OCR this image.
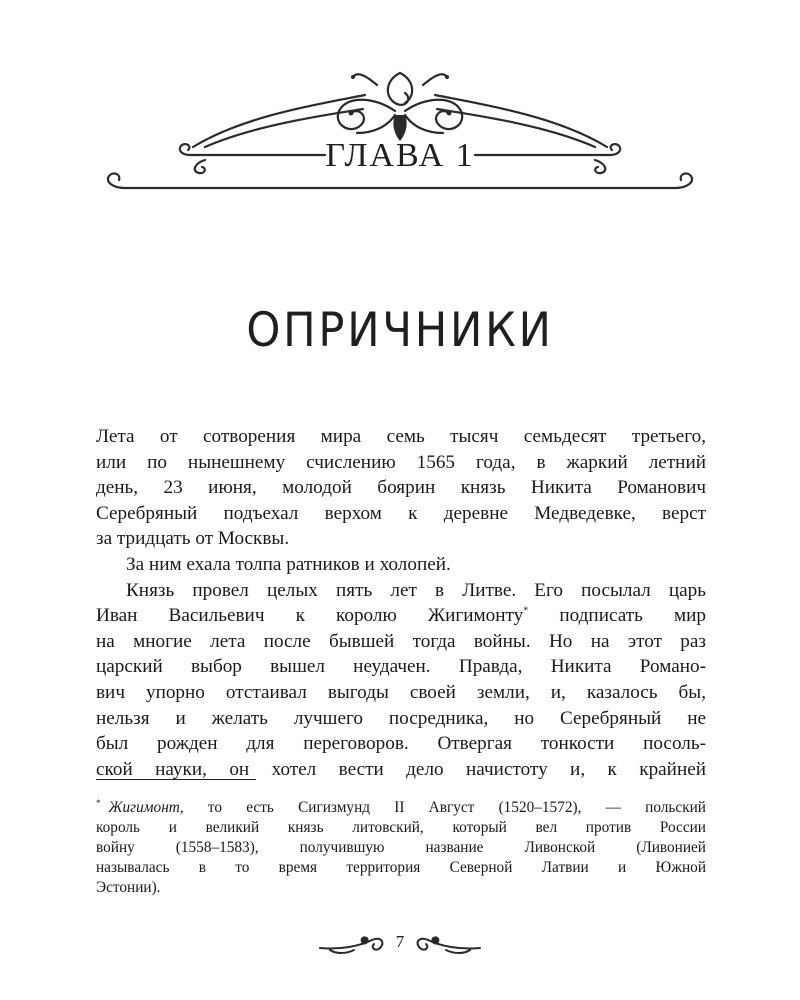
ГЛАВА 1
ОПРИЧНИКИ
Лета от сотворения мира семь тысяч семьдесят третьего,
или по нынешнему счислению 1565 года, в жаркий летний
день, 23 июня, молодой боярин князь Никита Романович
Серебряный подъехал верхом к деревне Медведевке, верст
за тридцать от Москвы.
За ним ехала толпа ратников и холопей.
Князь провел целых пять лет в Литве. Его посылал царь
Иван Васильевич к королю Жигимонту* подписать мир
на многие лета после бывшей тогда войны. Но на этот раз
царский выбор вышел неудачен. Правда, Никита Романо-
вич упорно отстаивал выгоды своей земли, и, казалось бы,
нельзя и желать лучшего посредника, но Серебряный не
был рожден для переговоров. Отвергая тонкости посоль-
ской науки, он хотел вести дело начистоту и, к крайней
* Жигимонт, то есть Сигизмунд II Август (1520–1572), — польский
король и великий князь литовский, который вел против России
войну (1558–1583), получившую название Ливонской (Ливонией
называлась в то время территория Северной Латвии и Южной
Эстонии).
7
